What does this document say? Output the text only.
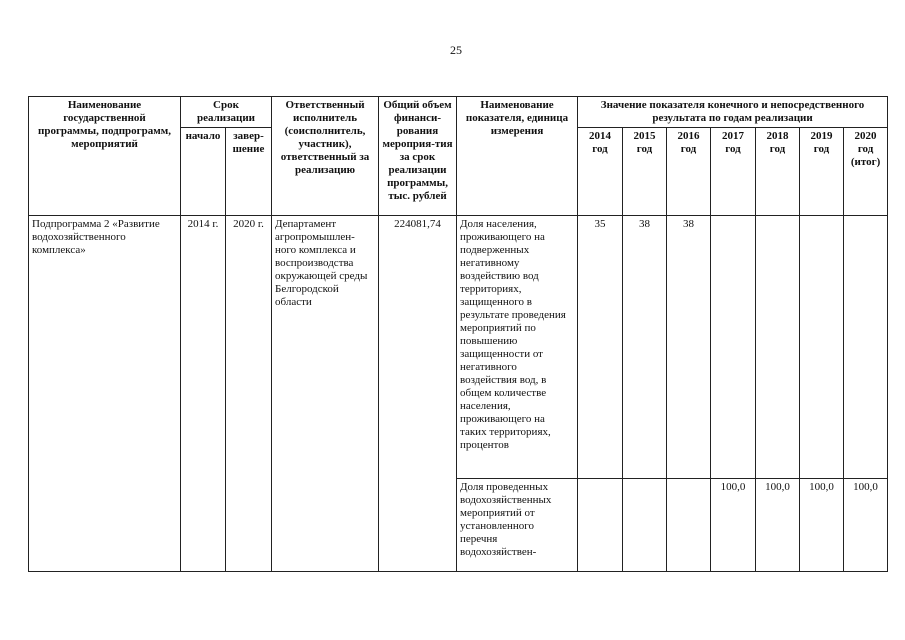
25
Наименование государственной программы, подпрограмм, мероприятий	Срок реализации		Ответственный исполнитель (соисполнитель, участник), ответственный за реализацию	Общий объем финанси-рования мероприя-тия за срок реализации программы, тыс. рублей	Наименование показателя, единица измерения	Значение показателя конечного и непосредственного результата по годам реализации						
	начало	завер-шение				2014 год	2015 год	2016 год	2017 год	2018 год	2019 год	2020 год (итог)
Подпрограмма 2 «Развитие водохозяйственного комплекса»	2014 г.	2020 г.	Департамент агропромышлен-ного комплекса и воспроизводства окружающей среды Белгородской области	224081,74	Доля населения, проживающего на подверженных негативному воздействию вод территориях, защищенного в результате проведения мероприятий по повышению защищенности от негативного воздействия вод, в общем количестве населения, проживающего на таких территориях, процентов	35	38	38				
					Доля проведенных водохозяйственных мероприятий от установленного перечня водохозяйствен-				100,0	100,0	100,0	100,0
